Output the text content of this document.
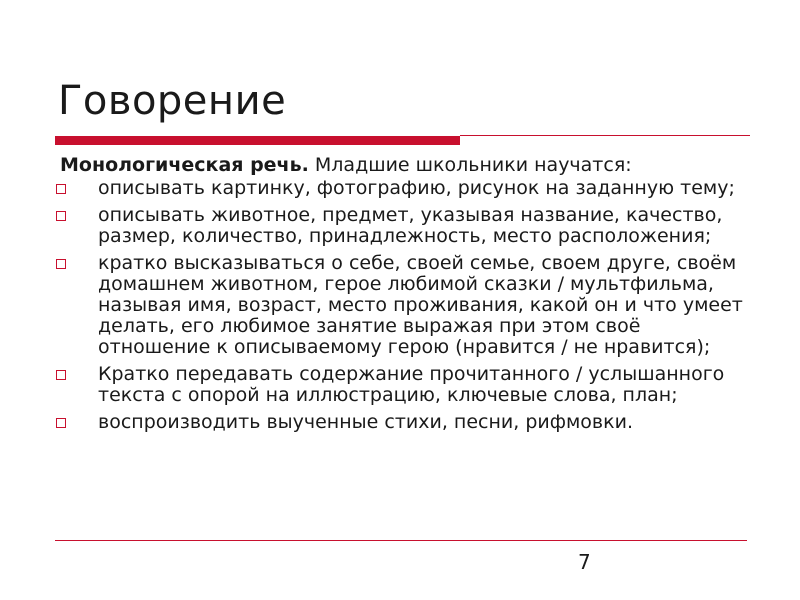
Говорение
Монологическая речь. Младшие школьники научатся:
описывать картинку, фотографию, рисунок на заданную тему;
описывать животное, предмет, указывая название, качество, размер, количество, принадлежность, место расположения;
кратко высказываться о себе, своей семье, своем друге, своём домашнем животном, герое любимой сказки / мультфильма, называя имя, возраст, место проживания, какой он и что умеет делать, его любимое занятие выражая при этом своё отношение к описываемому герою (нравится / не нравится);
Кратко передавать содержание прочитанного / услышанного текста с опорой на иллюстрацию, ключевые слова, план;
воспроизводить выученные стихи, песни, рифмовки.
7
